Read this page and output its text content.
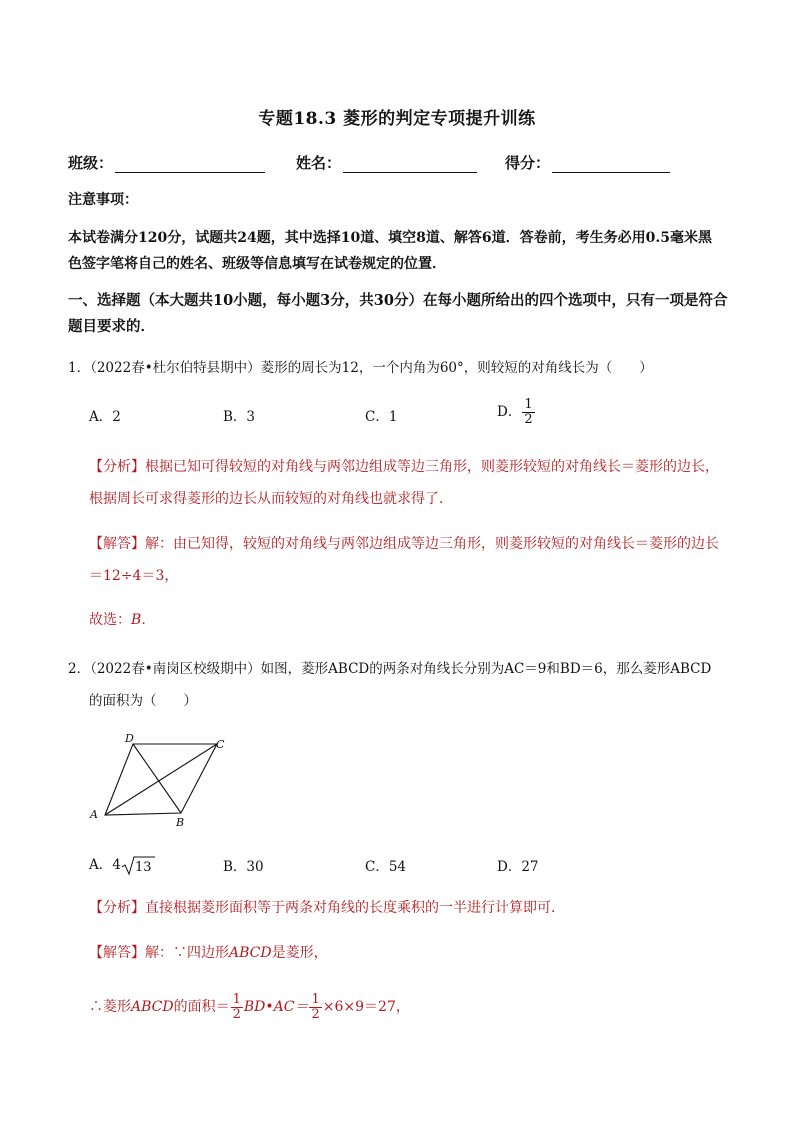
专题18.3 菱形的判定专项提升训练
班级：	姓名：	得分：
注意事项：
本试卷满分120分，试题共24题，其中选择10道、填空8道、解答6道．答卷前，考生务必用0.5毫米黑
色签字笔将自己的姓名、班级等信息填写在试卷规定的位置．
一、选择题（本大题共10小题，每小题3分，共30分）在每小题所给出的四个选项中，只有一项是符合
题目要求的．
1．（2022春•杜尔伯特县期中）菱形的周长为12，一个内角为60°，则较短的对角线长为（　　）
A．2	B．3	C．1	D． $\frac{1}{2}$
【分析】根据已知可得较短的对角线与两邻边组成等边三角形，则菱形较短的对角线长＝菱形的边长，
根据周长可求得菱形的边长从而较短的对角线也就求得了．
【解答】解：由已知得，较短的对角线与两邻边组成等边三角形，则菱形较短的对角线长＝菱形的边长
＝12÷4＝3，
故选：B．
2．（2022春•南岗区校级期中）如图，菱形ABCD的两条对角线长分别为AC＝9和BD＝6，那么菱形ABCD
的面积为（　　）
D	C
A
B
A．4 13	B．30	C．54	D．27
【分析】直接根据菱形面积等于两条对角线的长度乘积的一半进行计算即可．
【解答】解：∵四边形ABCD是菱形，
∴菱形ABCD的面积＝ $\frac{1}{2}$ BD•AC＝ $\frac{1}{2} \times 6\times 9=27$，
